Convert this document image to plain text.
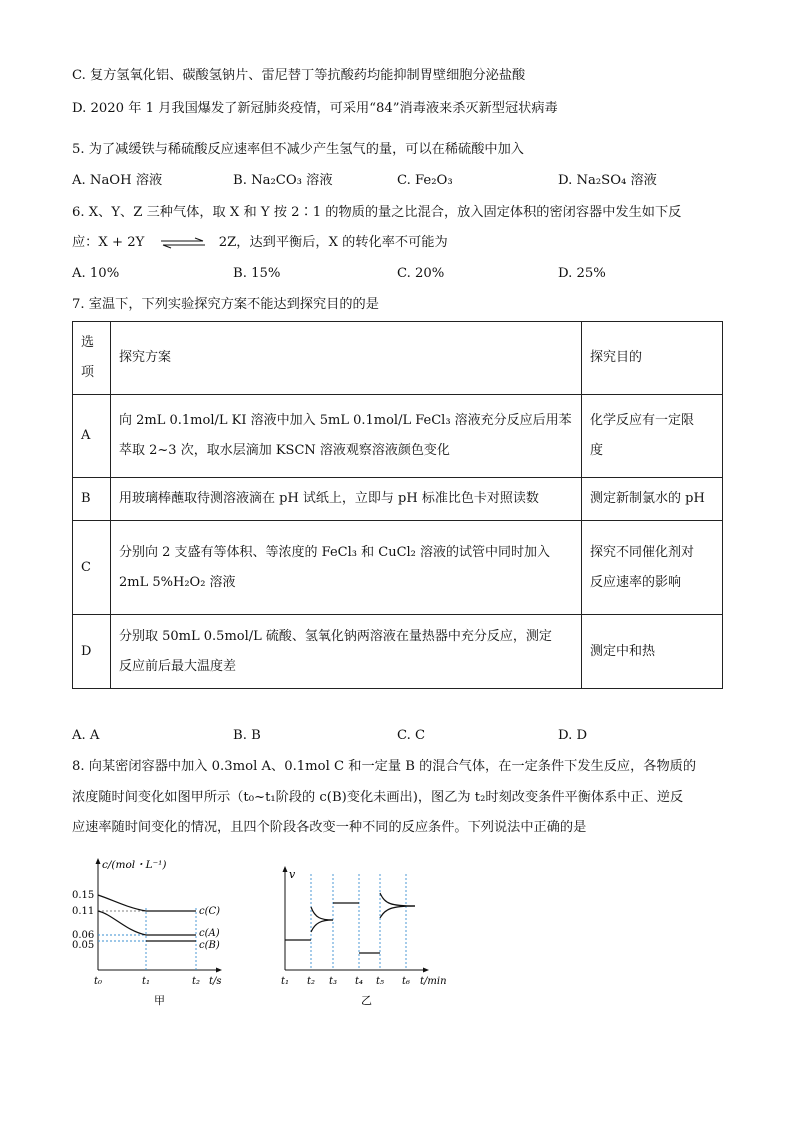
C. 复方氢氧化铝、碳酸氢钠片、雷尼替丁等抗酸药均能抑制胃壁细胞分泌盐酸
D. 2020 年 1 月我国爆发了新冠肺炎疫情，可采用“84”消毒液来杀灭新型冠状病毒
5. 为了减缓铁与稀硫酸反应速率但不减少产生氢气的量，可以在稀硫酸中加入
A. NaOH 溶液	B. Na₂CO₃ 溶液	C. Fe₂O₃	D. Na₂SO₄ 溶液
6. X、Y、Z 三种气体，取 X 和 Y 按 2∶1 的物质的量之比混合，放入固定体积的密闭容器中发生如下反
应：X + 2Y ⇌ 2Z，达到平衡后，X 的转化率不可能为
A. 10%	B. 15%	C. 20%	D. 25%
7. 室温下，下列实验探究方案不能达到探究目的的是
选
项	探究方案	探究目的
A	向 2mL 0.1mol/L KI 溶液中加入 5mL 0.1mol/L FeCl₃ 溶液充分反应后用苯
萃取 2~3 次，取水层滴加 KSCN 溶液观察溶液颜色变化	化学反应有一定限
度

B	用玻璃棒蘸取待测溶液滴在 pH 试纸上，立即与 pH 标准比色卡对照读数	测定新制氯水的 pH
C	分别向 2 支盛有等体积、等浓度的 FeCl₃ 和 CuCl₂ 溶液的试管中同时加入
2mL 5%H₂O₂ 溶液	探究不同催化剂对
反应速率的影响

D	分别取 50mL 0.5mol/L 硫酸、氢氧化钠两溶液在量热器中充分反应，测定
反应前后最大温度差	测定中和热
A. A	B. B	C. C	D. D
8. 向某密闭容器中加入 0.3mol A、0.1mol C 和一定量 B 的混合气体，在一定条件下发生反应，各物质的
浓度随时间变化如图甲所示（t₀~t₁阶段的 c(B)变化未画出)，图乙为 t₂时刻改变条件平衡体系中正、逆反
应速率随时间变化的情况，且四个阶段各改变一种不同的反应条件。下列说法中正确的是
c/(mol・L⁻¹)
0.15
0.11
0.06
0.05
c(C)
c(A)
c(B)
t₀	t₁	t₂ t/s
甲
v
t₁ t₂ t₃ t₄ t₅ t₆ t/min
乙
